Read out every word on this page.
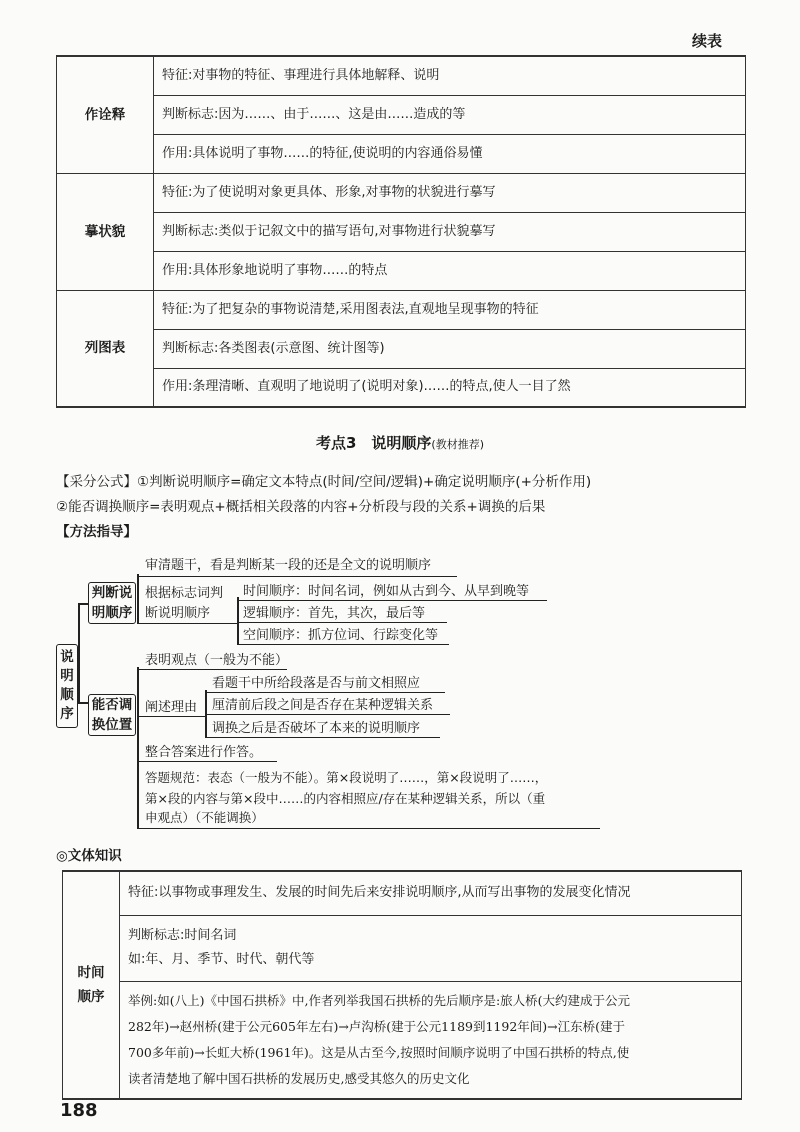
续表
作诠释	特征:对事物的特征、事理进行具体地解释、说明
	判断标志:因为……、由于……、这是由……造成的等
	作用:具体说明了事物……的特征,使说明的内容通俗易懂
摹状貌	特征:为了使说明对象更具体、形象,对事物的状貌进行摹写
	判断标志:类似于记叙文中的描写语句,对事物进行状貌摹写
	作用:具体形象地说明了事物……的特点
列图表	特征:为了把复杂的事物说清楚,采用图表法,直观地呈现事物的特征
	判断标志:各类图表(示意图、统计图等)
	作用:条理清晰、直观明了地说明了(说明对象)……的特点,使人一目了然
考点3　说明顺序(教材推荐)
【采分公式】①判断说明顺序=确定文本特点(时间/空间/逻辑)+确定说明顺序(+分析作用)
②能否调换顺序=表明观点+概括相关段落的内容+分析段与段的关系+调换的后果
【方法指导】
说明顺序
判断说明顺序
能否调换位置
审清题干，看是判断某一段的还是全文的说明顺序
根据标志词判断说明顺序
时间顺序：时间名词，例如从古到今、从早到晚等
逻辑顺序：首先，其次，最后等
空间顺序：抓方位词、行踪变化等
表明观点（一般为不能）
阐述理由
看题干中所给段落是否与前文相照应
厘清前后段之间是否存在某种逻辑关系
调换之后是否破坏了本来的说明顺序
整合答案进行作答。
答题规范：表态（一般为不能）。第×段说明了……，第×段说明了……，
第×段的内容与第×段中……的内容相照应/存在某种逻辑关系，所以（重
申观点）（不能调换）
◎文体知识
时间顺序	特征:以事物或事理发生、发展的时间先后来安排说明顺序,从而写出事物的发展变化情况

判断标志:时间名词
如:年、月、季节、时代、朝代等

举例:如(八上)《中国石拱桥》中,作者列举我国石拱桥的先后顺序是:旅人桥(大约建成于公元
282年)→赵州桥(建于公元605年左右)→卢沟桥(建于公元1189到1192年间)→江东桥(建于
700多年前)→长虹大桥(1961年)。这是从古至今,按照时间顺序说明了中国石拱桥的特点,使
读者清楚地了解中国石拱桥的发展历史,感受其悠久的历史文化
188
